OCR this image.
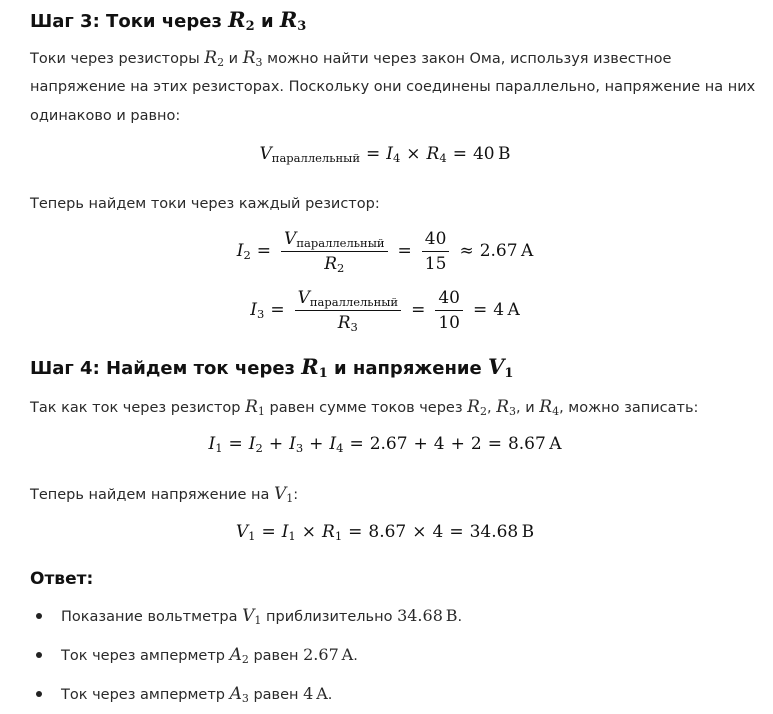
Шаг 3: Токи через $R_2$ и $R_3$

Токи через резисторы $R_2$ и $R_3$ можно найти через закон Ома, используя известное

напряжение на этих резисторах. Поскольку они соединены параллельно, напряжение на них

одинаково и равно:

$V_{параллельный} = I_4 \times R_4 = 40$  В

Теперь найдем токи через каждый резистор:

$I_2 = \frac{V_{параллельный}}{R_2} = \frac{40}{15} \approx 2.67$  A
$I_3 = \frac{V_{параллельный}}{R_3} = \frac{40}{10} = 4$  A
Шаг 4: Найдем ток через $R_1$ и напряжение $V_1$

Так как ток через резистор $R_1$ равен сумме токов через $R_2$, $R_3$, и $R_4$, можно записать:

$I_1 = I_2 + I_3 + I_4 = 2.67 + 4 + 2 = 8.67$  A

Теперь найдем напряжение на $V_1$:

$V_1 = I_1 \times R_1 = 8.67 \times 4 = 34.68$  В
Ответ:
Показание вольтметра $V_1$ приблизительно 34.68  В.
Ток через амперметр $A_2$ равен 2.67  A.
Ток через амперметр $A_3$ равен 4  A.
